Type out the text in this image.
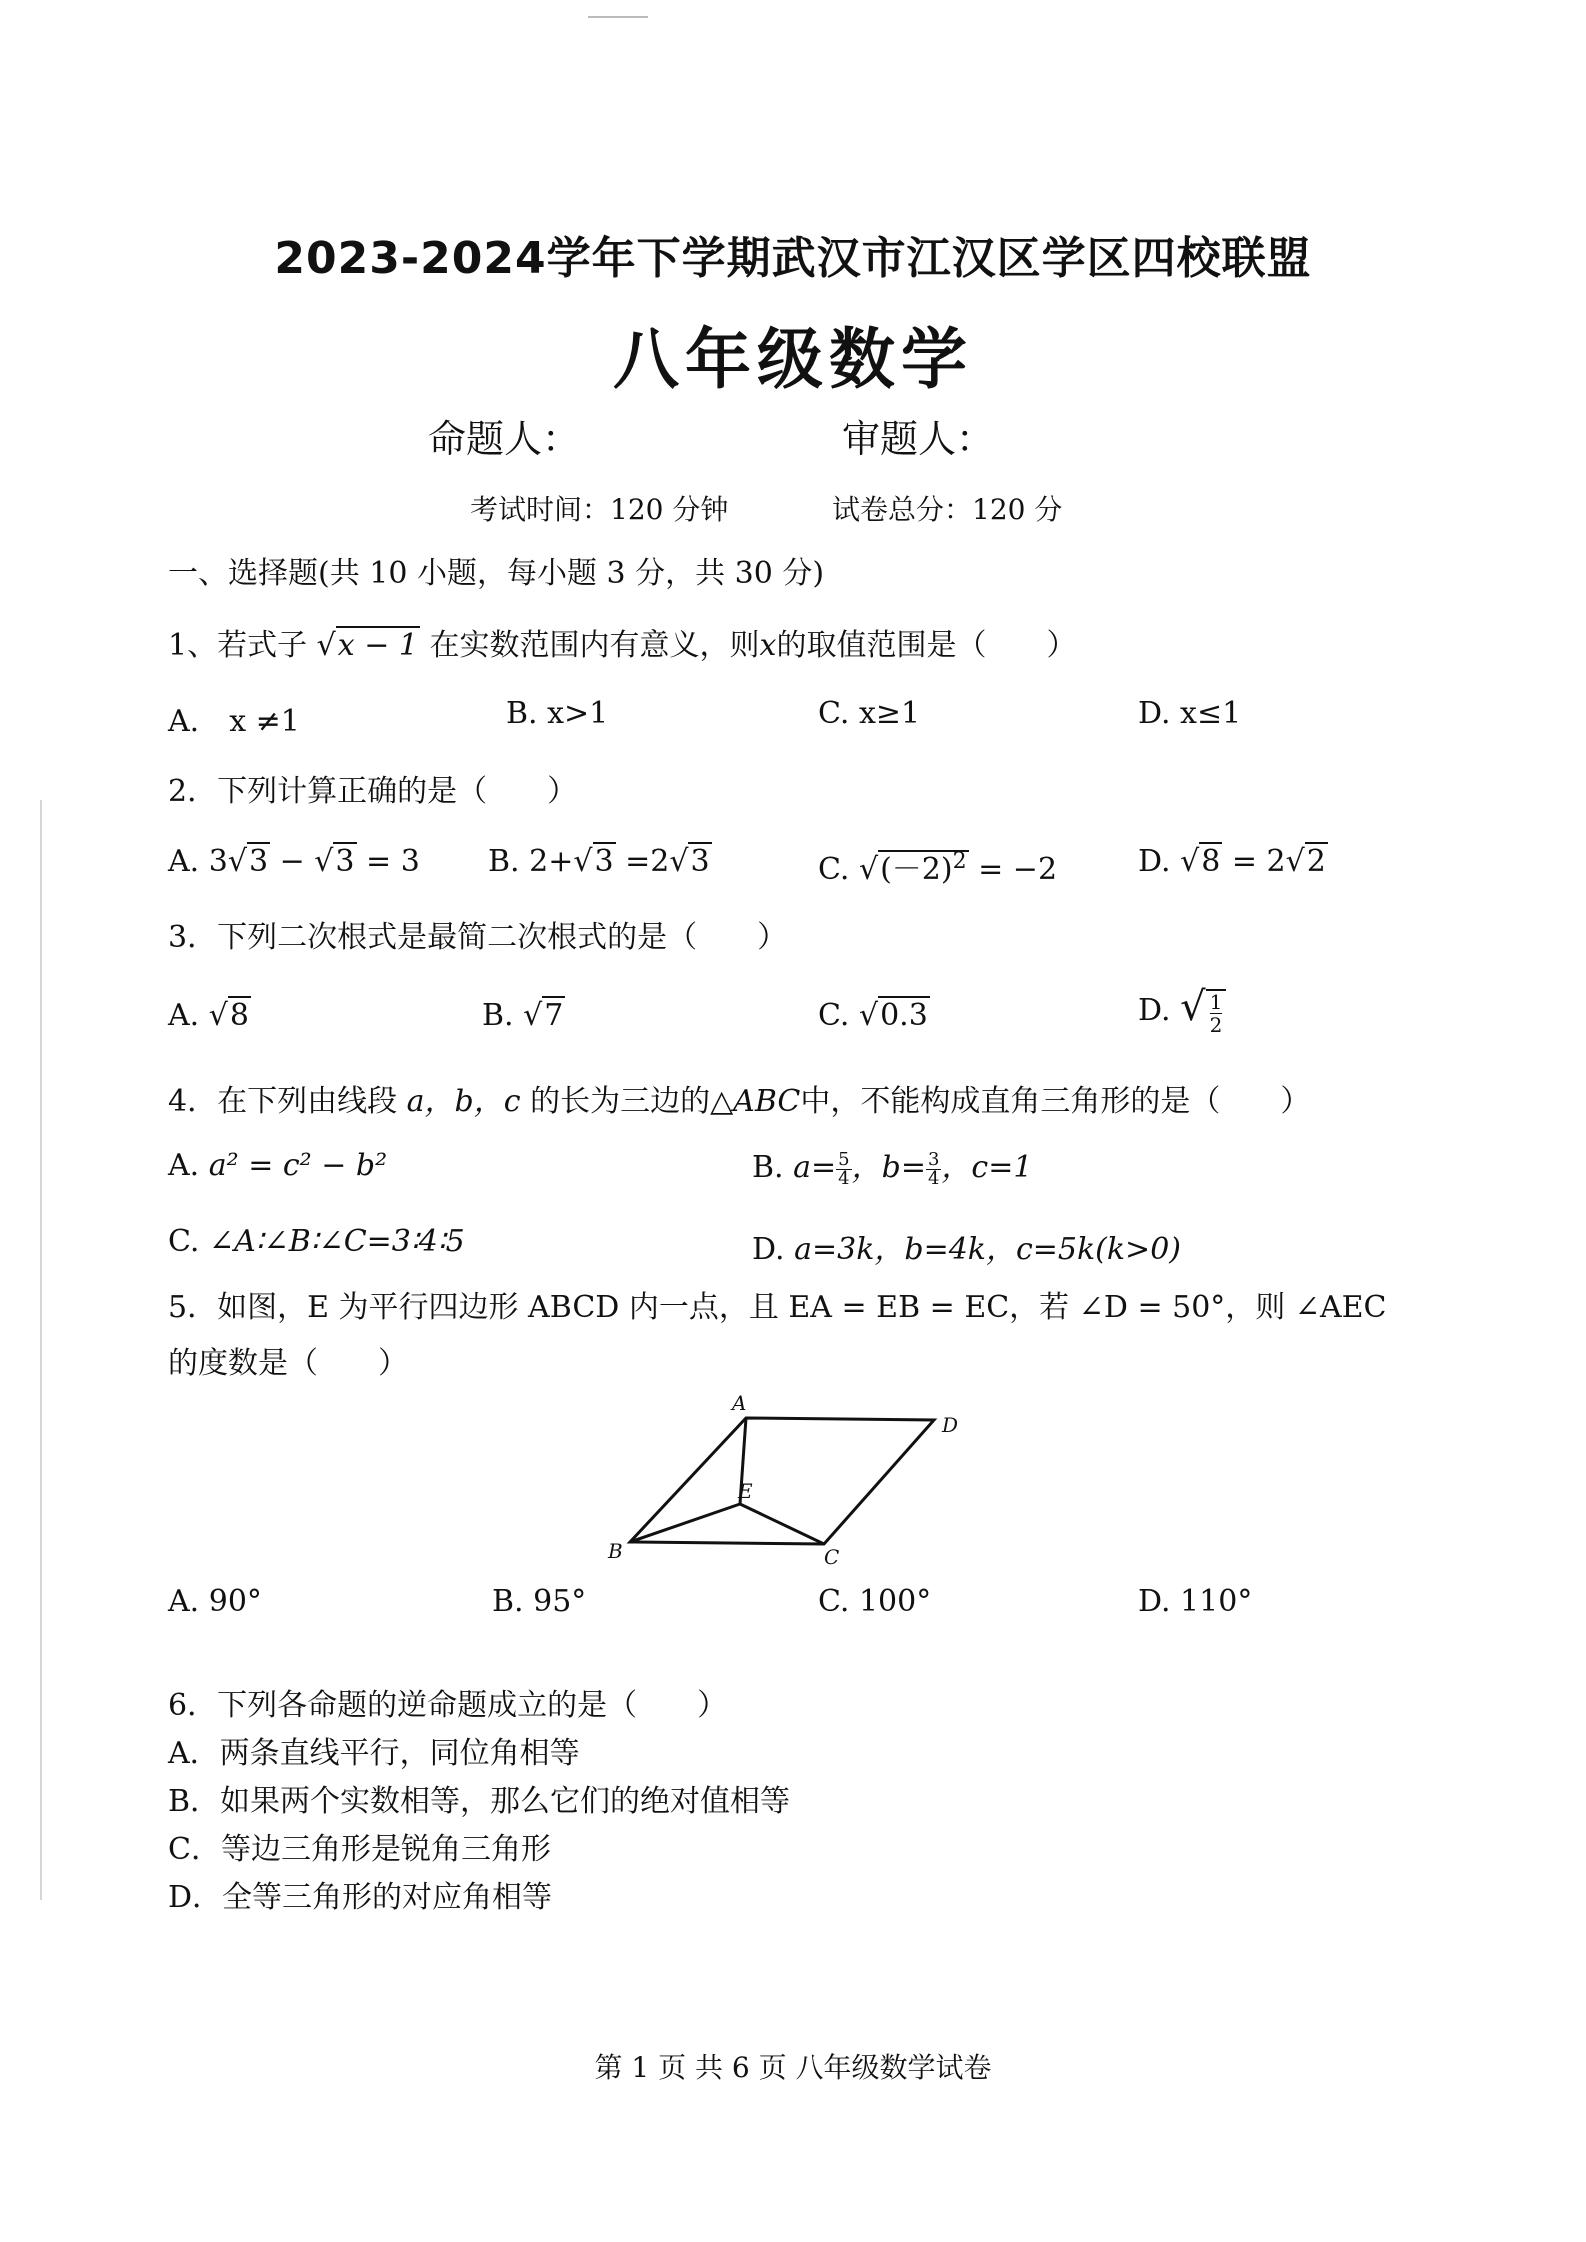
2023-2024学年下学期武汉市江汉区学区四校联盟
八年级数学
命题人：	审题人：
考试时间：120 分钟	试卷总分：120 分
一、选择题(共 10 小题，每小题 3 分，共 30 分)
1、若式子 √x − 1 在实数范围内有意义，则x的取值范围是（　　）
A.　x ≠1	B. x>1	C. x≥1	D. x≤1
2．下列计算正确的是（　　）
A. 3√3 − √3 = 3 B. 2+√3 =2√3	C. $√(-2)^2 = -2$	D. √8 = 2√2
3．下列二次根式是最简二次根式的是（　　）
A. √8	B. √7	C. √0.3	D. √ $\frac{1}{2}$
4．在下列由线段 a，b，c 的长为三边的△ABC中，不能构成直角三角形的是（　　）
A. a² = c² − b²	B. $a= \frac{5}{4}$ ，$b= \frac{3}{4}$ ，c=1
C. ∠A∶∠B∶∠C=3∶4∶5	D. a=3k，b=4k，c=5k(k>0)
5．如图，E 为平行四边形 ABCD 内一点，且 EA = EB = EC，若 ∠D = 50°，则 ∠AEC
的度数是（　　）
A
D
E
B	C
A. 90°	B. 95°	C. 100°	D. 110°
6．下列各命题的逆命题成立的是（　　）
A．两条直线平行，同位角相等
B．如果两个实数相等，那么它们的绝对值相等
C．等边三角形是锐角三角形
D．全等三角形的对应角相等
第 1 页 共 6 页 八年级数学试卷
